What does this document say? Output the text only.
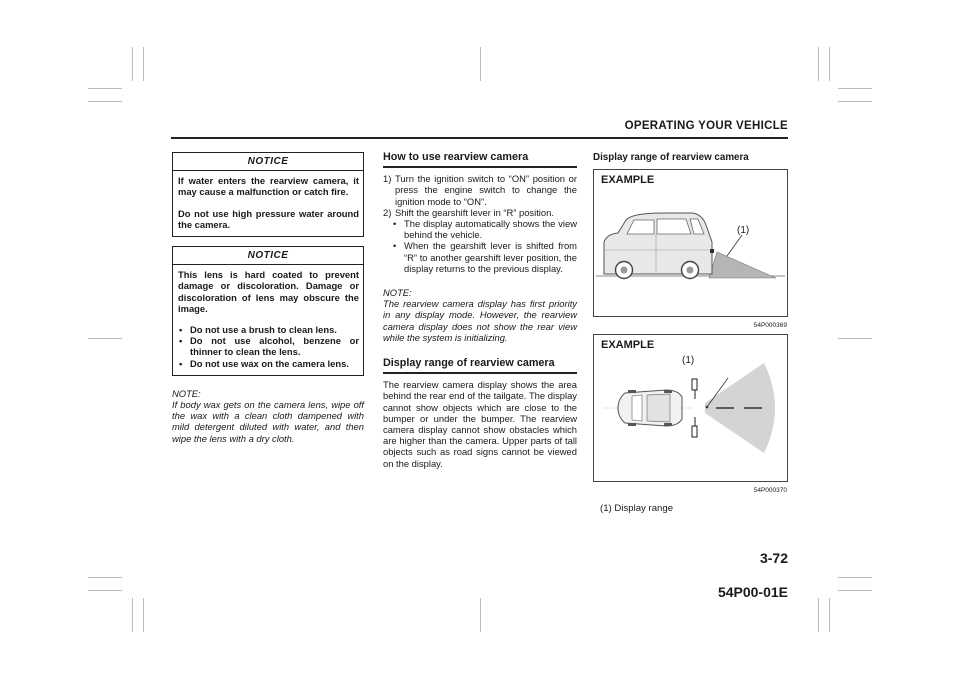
OPERATING YOUR VEHICLE
NOTICE

If water enters the rearview camera, it may cause a malfunction or catch fire.

Do not use high pressure water around the camera.

NOTICE

This lens is hard coated to prevent damage or discoloration. Damage or discoloration of lens may obscure the image.

• Do not use a brush to clean lens.
• Do not use alcohol, benzene or thinner to clean the lens.
• Do not use wax on the camera lens.
NOTE:
If body wax gets on the camera lens, wipe off the wax with a clean cloth dampened with mild detergent diluted with water, and then wipe the lens with a dry cloth.
How to use rearview camera
1) Turn the ignition switch to “ON” position or press the engine switch to change the ignition mode to “ON”.
2) Shift the gearshift lever in “R” position.
• The display automatically shows the view behind the vehicle.
• When the gearshift lever is shifted from “R” to another gearshift lever position, the display returns to the previous display.
NOTE:
The rearview camera display has first priority in any display mode. However, the rearview camera display does not show the rear view while the system is initializing.
Display range of rearview camera
The rearview camera display shows the area behind the rear end of the tailgate. The display cannot show objects which are close to the bumper or under the bumper. The rearview camera display cannot show obstacles which are higher than the camera. Upper parts of tall objects such as road signs cannot be viewed on the display.
Display range of rearview camera
EXAMPLE
(1)
54P000369
EXAMPLE
(1)
54P000370
(1) Display range
3-72
54P00-01E
